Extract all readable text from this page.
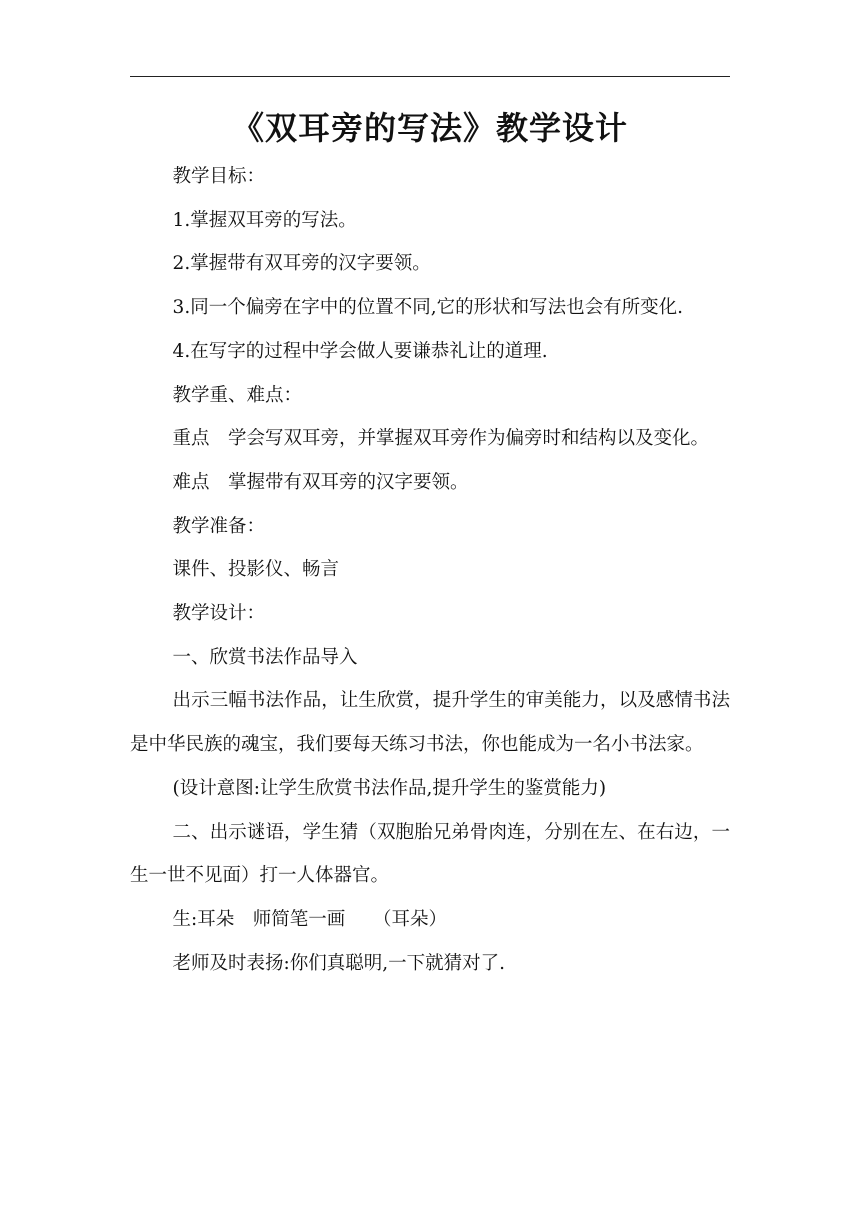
《双耳旁的写法》教学设计

教学目标：

1.掌握双耳旁的写法。

2.掌握带有双耳旁的汉字要领。

3.同一个偏旁在字中的位置不同,它的形状和写法也会有所变化.

4.在写字的过程中学会做人要谦恭礼让的道理.

教学重、难点：

重点　学会写双耳旁，并掌握双耳旁作为偏旁时和结构以及变化。

难点　掌握带有双耳旁的汉字要领。

教学准备：

课件、投影仪、畅言

教学设计：

一、欣赏书法作品导入

出示三幅书法作品，让生欣赏，提升学生的审美能力，以及感情书法是中华民族的魂宝，我们要每天练习书法，你也能成为一名小书法家。

(设计意图:让学生欣赏书法作品,提升学生的鉴赏能力)

二、出示谜语，学生猜（双胞胎兄弟骨肉连，分别在左、在右边，一生一世不见面）打一人体器官。

生:耳朵　师简笔一画　　（耳朵）

老师及时表扬:你们真聪明,一下就猜对了.
